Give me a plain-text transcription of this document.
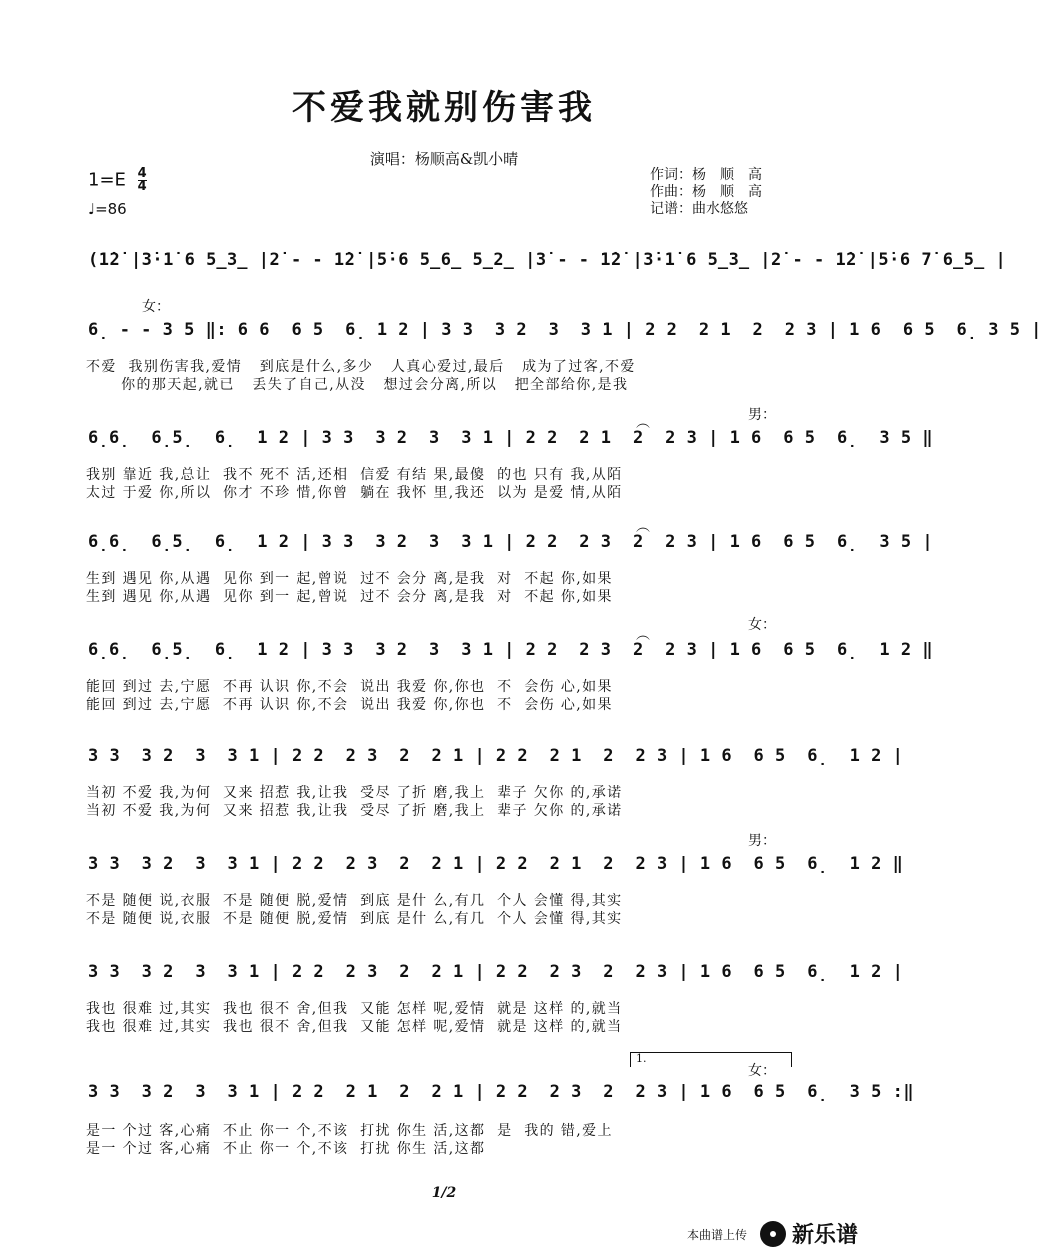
不爱我就别伤害我
演唱：杨顺高&凯小晴
$1=E \frac{4}{4}$
♩=86
作词：杨　顺　高
作曲：杨　顺　高
记谱：曲水悠悠
(1̇2̇ |3̇·1̇ 6 5̲3̲ |2̇ - - 1̇2̇ |5̇·6 5̲6̲ 5̲2̲ |3̇ - - 1̇2̇ |3̇·1̇ 6 5̲3̲ |2̇ - - 1̇2̇ |5̇·6 7̇ 6̲5̲ |
女：
6̣ - - 3 5 ‖: 6 6  6 5  6̣ 1 2 | 3 3  3 2  3  3 1 | 2 2  2 1  2  2 3 | 1 6  6 5  6̣ 3 5 |
不爱  我别伤害我,爱情   到底是什么,多少   人真心爱过,最后   成为了过客,不爱
你的那天起,就已   丢失了自己,从没   想过会分离,所以   把全部给你,是我
男：
︵
6̣6̣  6̣5̣  6̣  1 2 | 3 3  3 2  3  3 1 | 2 2  2 1  2  2 3 | 1 6  6 5  6̣  3 5 ‖
我别 靠近 我,总让  我不 死不 活,还相  信爱 有结 果,最傻  的也 只有 我,从陌
太过 于爱 你,所以  你才 不珍 惜,你曾  躺在 我怀 里,我还  以为 是爱 情,从陌
︵
6̣6̣  6̣5̣  6̣  1 2 | 3 3  3 2  3  3 1 | 2 2  2 3  2  2 3 | 1 6  6 5  6̣  3 5 |
生到 遇见 你,从遇  见你 到一 起,曾说  过不 会分 离,是我  对  不起 你,如果
生到 遇见 你,从遇  见你 到一 起,曾说  过不 会分 离,是我  对  不起 你,如果
女：
︵
6̣6̣  6̣5̣  6̣  1 2 | 3 3  3 2  3  3 1 | 2 2  2 3  2  2 3 | 1 6  6 5  6̣  1 2 ‖
能回 到过 去,宁愿  不再 认识 你,不会  说出 我爱 你,你也  不  会伤 心,如果
能回 到过 去,宁愿  不再 认识 你,不会  说出 我爱 你,你也  不  会伤 心,如果
3 3  3 2  3  3 1 | 2 2  2 3  2  2 1 | 2 2  2 1  2  2 3 | 1 6  6 5  6̣  1 2 |
当初 不爱 我,为何  又来 招惹 我,让我  受尽 了折 磨,我上  辈子 欠你 的,承诺
当初 不爱 我,为何  又来 招惹 我,让我  受尽 了折 磨,我上  辈子 欠你 的,承诺
男：
3 3  3 2  3  3 1 | 2 2  2 3  2  2 1 | 2 2  2 1  2  2 3 | 1 6  6 5  6̣  1 2 ‖
不是 随便 说,衣服  不是 随便 脱,爱情  到底 是什 么,有几  个人 会懂 得,其实
不是 随便 说,衣服  不是 随便 脱,爱情  到底 是什 么,有几  个人 会懂 得,其实
3 3  3 2  3  3 1 | 2 2  2 3  2  2 1 | 2 2  2 3  2  2 3 | 1 6  6 5  6̣  1 2 |
我也 很难 过,其实  我也 很不 舍,但我  又能 怎样 呢,爱情  就是 这样 的,就当
我也 很难 过,其实  我也 很不 舍,但我  又能 怎样 呢,爱情  就是 这样 的,就当
1.
女：
3 3  3 2  3  3 1 | 2 2  2 1  2  2 1 | 2 2  2 3  2  2 3 | 1 6  6 5  6̣  3 5 :‖
是一 个过 客,心痛  不止 你一 个,不该  打扰 你生 活,这都  是  我的 错,爱上
是一 个过 客,心痛  不止 你一 个,不该  打扰 你生 活,这都
1/2
本曲谱上传 新乐谱
